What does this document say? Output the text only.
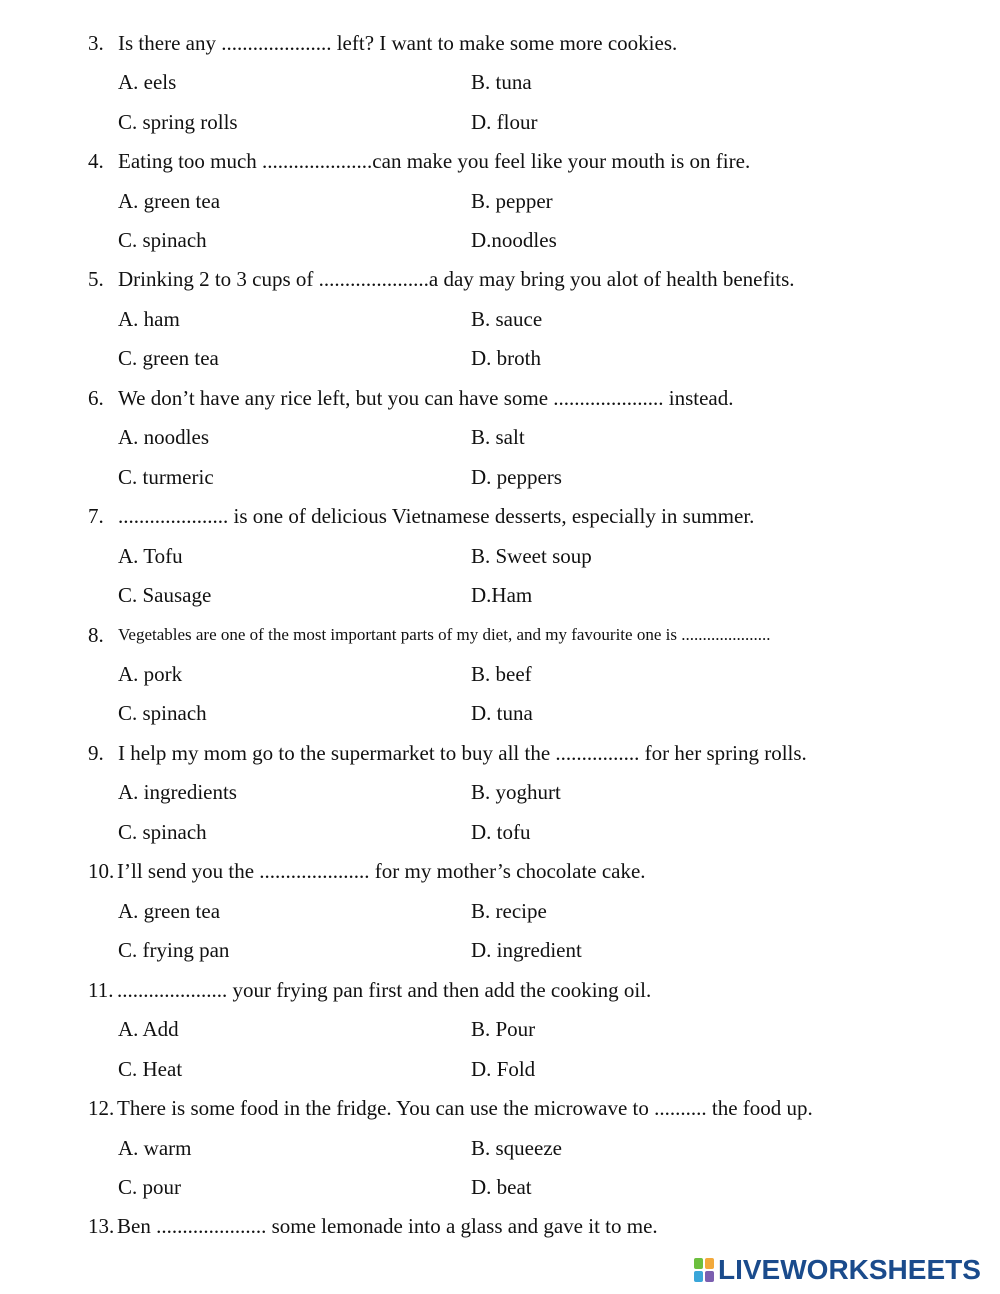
3. Is there any ..................... left? I want to make some more cookies.
A. eels	B. tuna
C. spring rolls	D. flour
4. Eating too much .....................can make you feel like your mouth is on fire.
A. green tea	B. pepper
C. spinach	D.noodles
5. Drinking 2 to 3 cups of .....................a day may bring you alot of health benefits.
A. ham	B. sauce
C. green tea	D. broth
6. We don’t have any rice left, but you can have some ..................... instead.
A. noodles	B. salt
C. turmeric	D. peppers
7. ..................... is one of delicious Vietnamese desserts, especially in summer.
A. Tofu	B. Sweet soup
C. Sausage	D.Ham
8. Vegetables are one of the most important parts of my diet, and my favourite one is .....................
A. pork	B. beef
C. spinach	D. tuna
9. I help my mom go to the supermarket to buy all the ................ for her spring rolls.
A. ingredients	B. yoghurt
C. spinach	D. tofu
10. I’ll send you the ..................... for my mother’s chocolate cake.
A. green tea	B. recipe
C. frying pan	D. ingredient
11. ..................... your frying pan first and then add the cooking oil.
A. Add	B. Pour
C. Heat	D. Fold
12. There is some food in the fridge. You can use the microwave to .......... the food up.
A. warm	B. squeeze
C. pour	D. beat
13. Ben ..................... some lemonade into a glass and gave it to me.
LIVEWORKSHEETS
